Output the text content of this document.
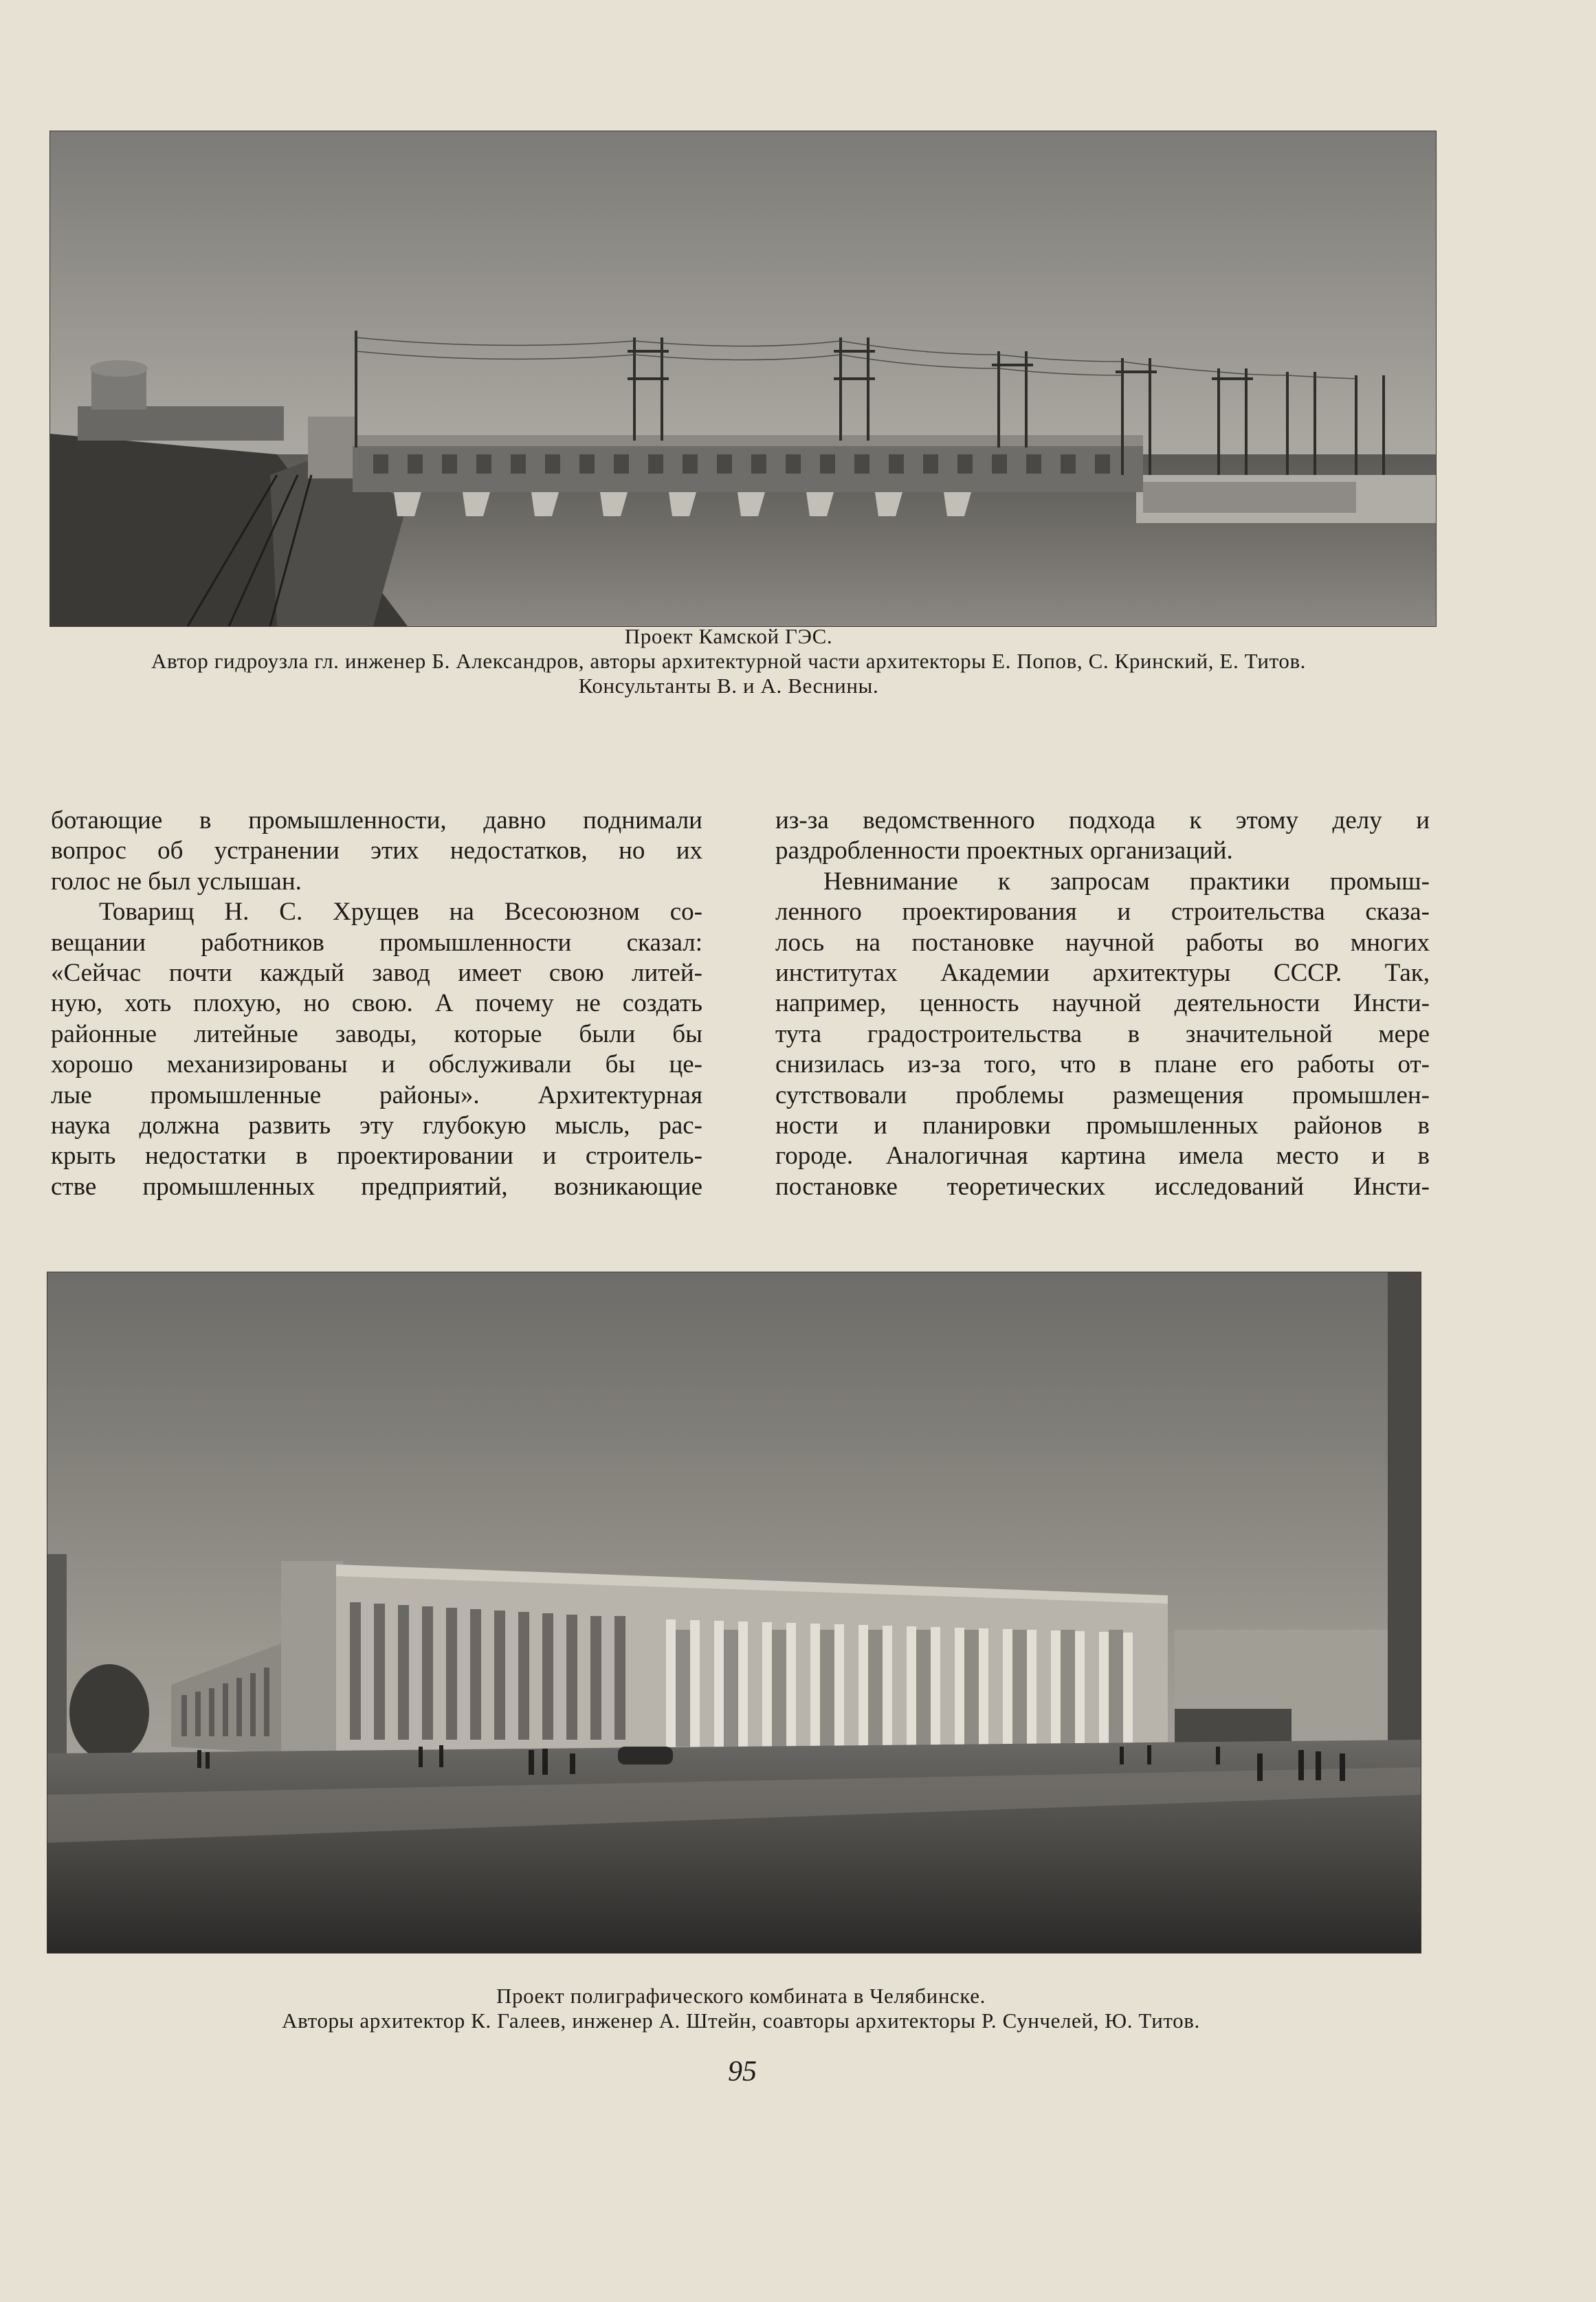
Проект Камской ГЭС.
Автор гидроузла гл. инженер Б. Александров, авторы архитектурной части архитекторы Е. Попов, С. Кринский, Е. Титов.
Консультанты В. и А. Веснины.
ботающие в промышленности, давно поднимали
вопрос об устранении этих недостатков, но их
голос не был услышан.
Товарищ Н. С. Хрущев на Всесоюзном со-
вещании работников промышленности сказал:
«Сейчас почти каждый завод имеет свою литей-
ную, хоть плохую, но свою. А почему не создать
районные литейные заводы, которые были бы
хорошо механизированы и обслуживали бы це-
лые промышленные районы». Архитектурная
наука должна развить эту глубокую мысль, рас-
крыть недостатки в проектировании и строитель-
стве промышленных предприятий, возникающие
из-за ведомственного подхода к этому делу и
раздробленности проектных организаций.
Невнимание к запросам практики промыш-
ленного проектирования и строительства сказа-
лось на постановке научной работы во многих
институтах Академии архитектуры СССР. Так,
например, ценность научной деятельности Инсти-
тута градостроительства в значительной мере
снизилась из-за того, что в плане его работы от-
сутствовали проблемы размещения промышлен-
ности и планировки промышленных районов в
городе. Аналогичная картина имела место и в
постановке теоретических исследований Инсти-
Проект полиграфического комбината в Челябинске.
Авторы архитектор К. Галеев, инженер А. Штейн, соавторы архитекторы Р. Сунчелей, Ю. Титов.
95
